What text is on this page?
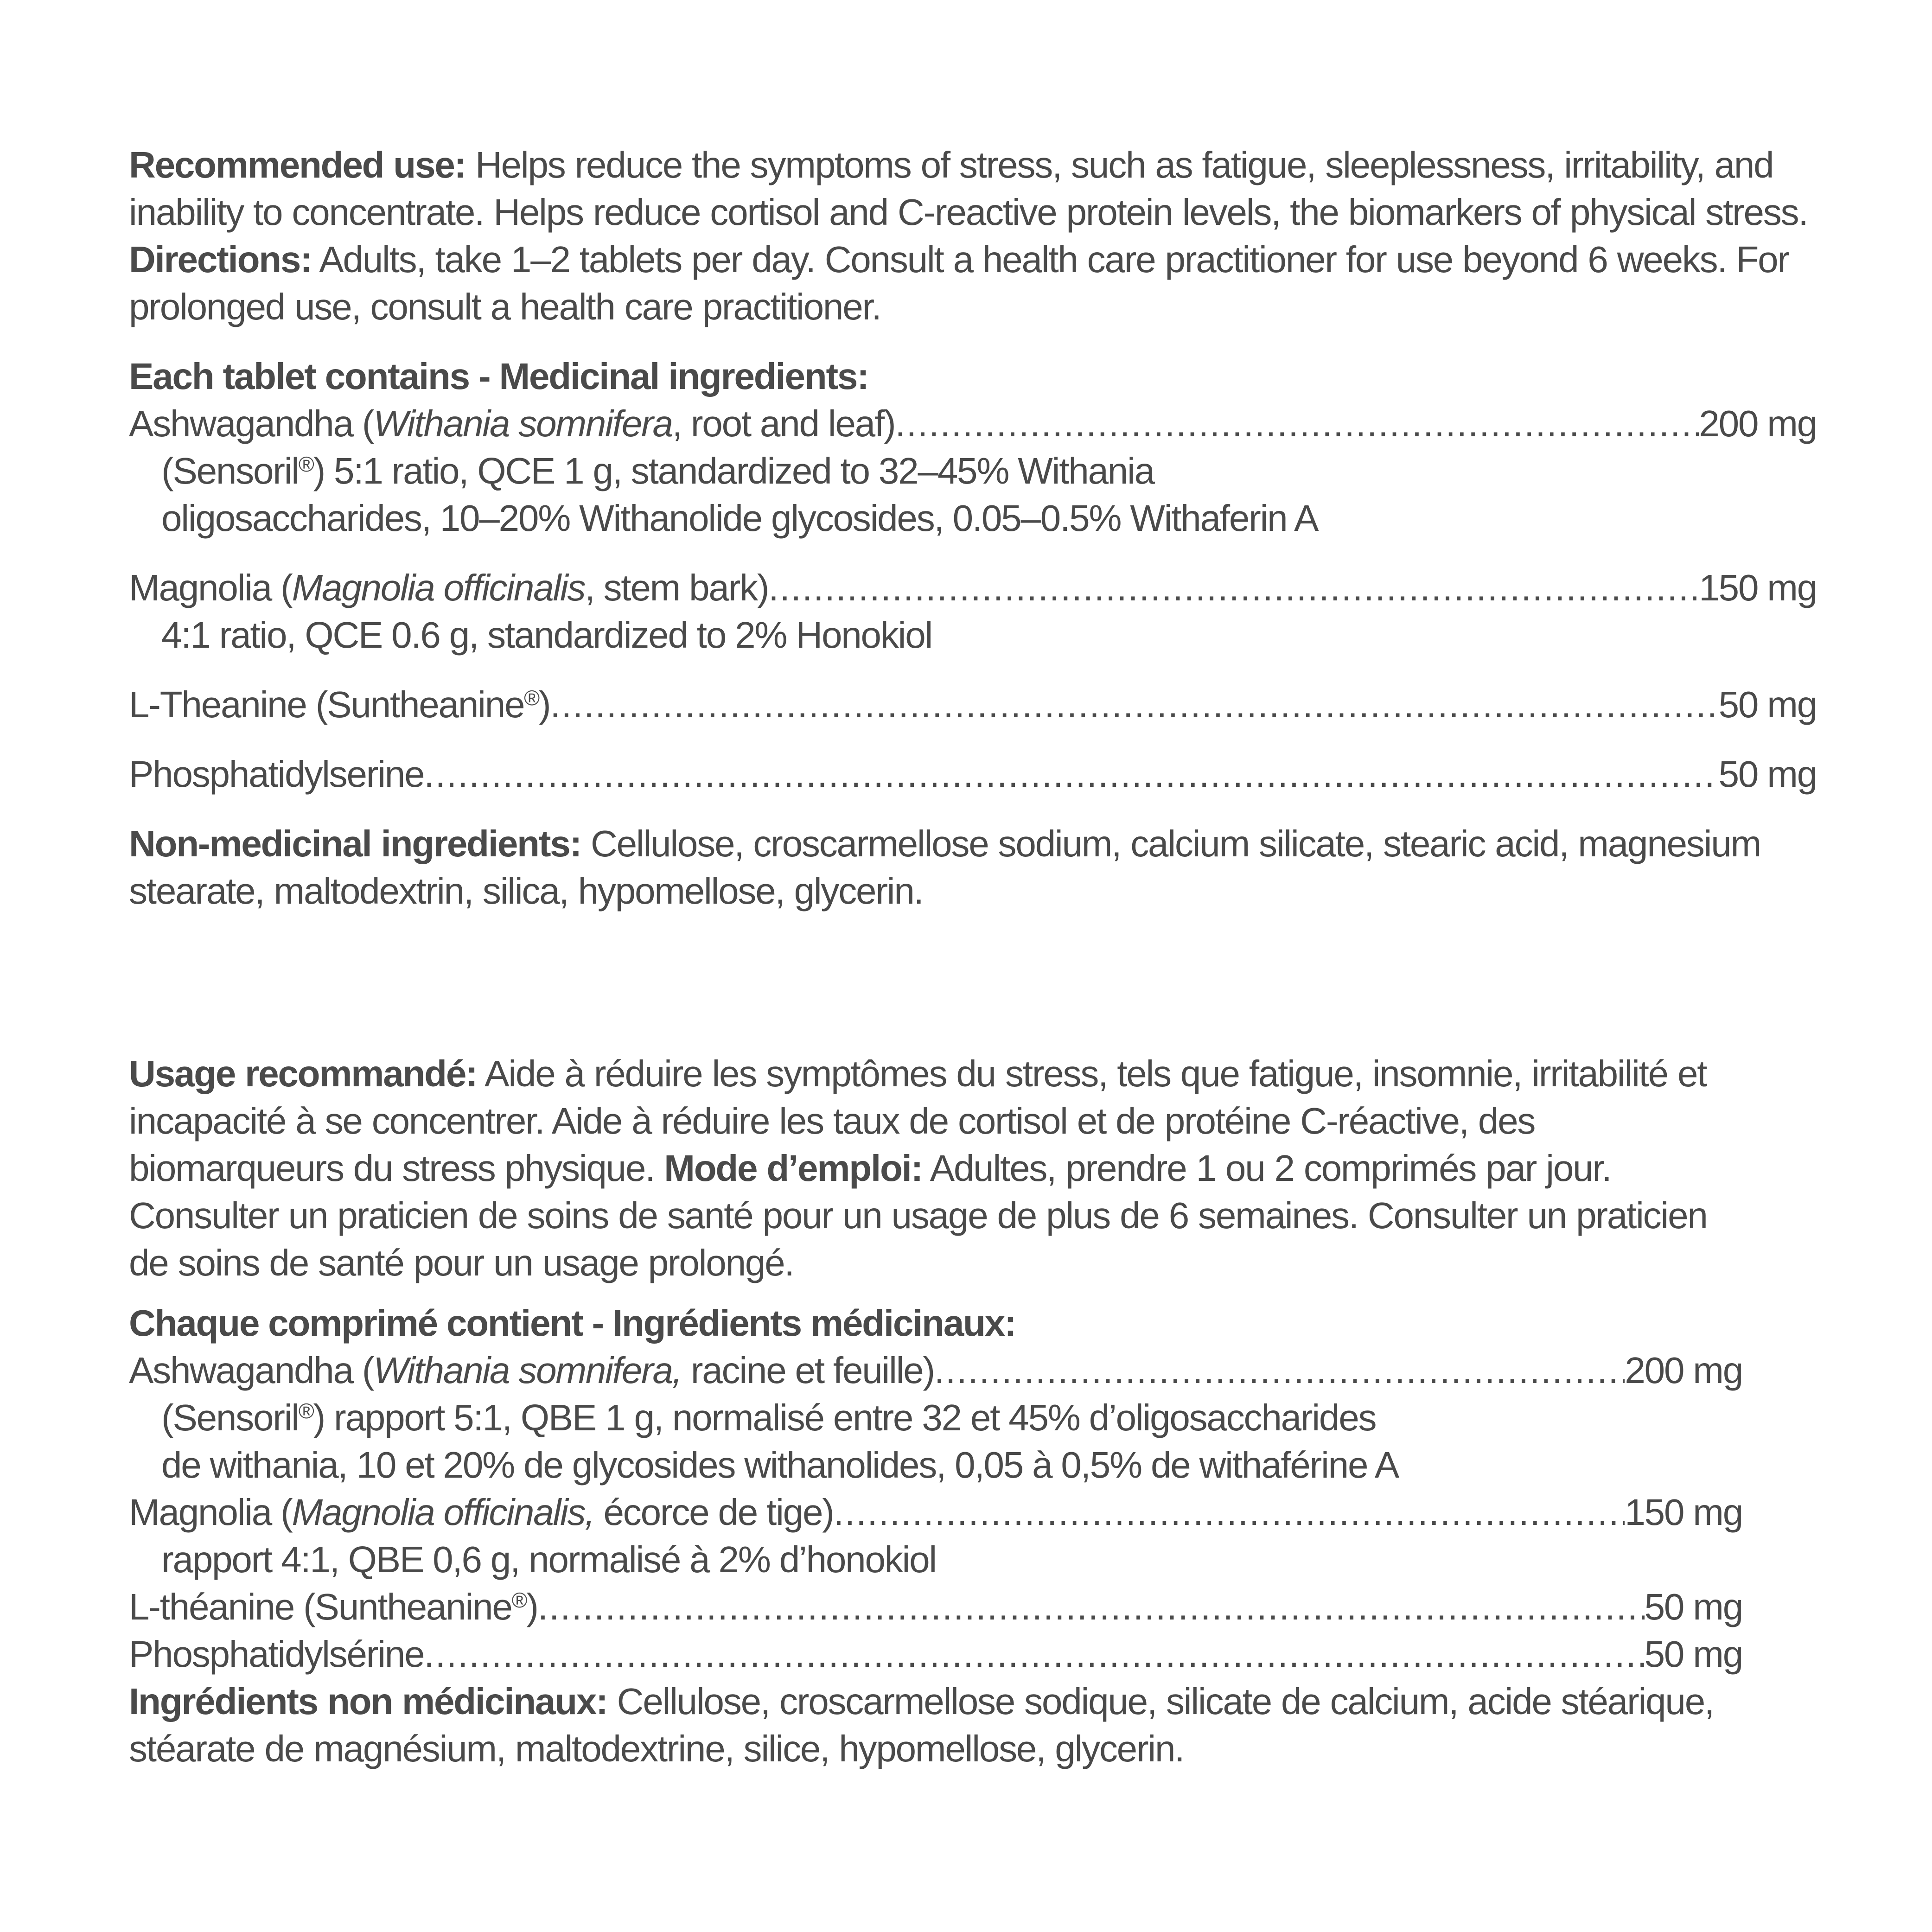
Recommended use: Helps reduce the symptoms of stress, such as fatigue, sleeplessness, irritability, and inability to concentrate. Helps reduce cortisol and C-reactive protein levels, the biomarkers of physical stress. Directions: Adults, take 1–2 tablets per day. Consult a health care practitioner for use beyond 6 weeks. For prolonged use, consult a health care practitioner.

Each tablet contains - Medicinal ingredients:

Ashwagandha (Withania somnifera, root and leaf) .....	200 mg

(Sensoril®) 5:1 ratio, QCE 1 g, standardized to 32–45% Withania

oligosaccharides, 10–20% Withanolide glycosides, 0.05–0.5% Withaferin A

Magnolia (Magnolia officinalis, stem bark) .....	150 mg

4:1 ratio, QCE 0.6 g, standardized to 2% Honokiol

L-Theanine (Suntheanine®) .....	50 mg
Phosphatidylserine .....	50 mg

Non-medicinal ingredients: Cellulose, croscarmellose sodium, calcium silicate, stearic acid, magnesium stearate, maltodextrin, silica, hypomellose, glycerin.

Usage recommandé: Aide à réduire les symptômes du stress, tels que fatigue, insomnie, irritabilité et incapacité à se concentrer. Aide à réduire les taux de cortisol et de protéine C-réactive, des biomarqueurs du stress physique. Mode d’emploi: Adultes, prendre 1 ou 2 comprimés par jour. Consulter un praticien de soins de santé pour un usage de plus de 6 semaines. Consulter un praticien de soins de santé pour un usage prolongé.

Chaque comprimé contient - Ingrédients médicinaux:

Ashwagandha (Withania somnifera, racine et feuille) .....	200 mg

(Sensoril®) rapport 5:1, QBE 1 g, normalisé entre 32 et 45% d’oligosaccharides

de withania, 10 et 20% de glycosides withanolides, 0,05 à 0,5% de withaférine A

Magnolia (Magnolia officinalis, écorce de tige) .....	150 mg

rapport 4:1, QBE 0,6 g, normalisé à 2% d’honokiol

L-théanine (Suntheanine®) .....	50 mg
Phosphatidylsérine .....	50 mg

Ingrédients non médicinaux: Cellulose, croscarmellose sodique, silicate de calcium, acide stéarique, stéarate de magnésium, maltodextrine, silice, hypomellose, glycerin.
